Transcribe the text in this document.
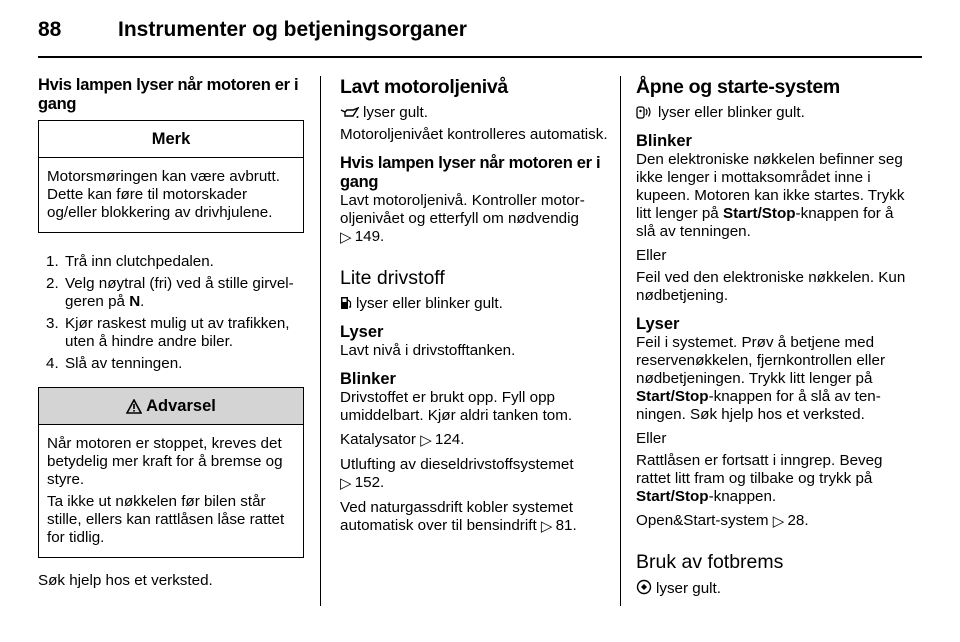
88	Instrumenter og betjeningsorganer
Hvis lampen lyser når motoren er i gang
Merk

Motorsmøringen kan være avbrutt. Dette kan føre til motorskader og/eller blokkering av drivhjulene.

1. Trå inn clutchpedalen.
2. Velg nøytral (fri) ved å stille girvelgeren på N.
3. Kjør raskest mulig ut av trafikken, uten å hindre andre biler.
4. Slå av tenningen.
Advarsel

Når motoren er stoppet, kreves det betydelig mer kraft for å bremse og styre.

Ta ikke ut nøkkelen før bilen står stille, ellers kan rattlåsen låse rattet for tidlig.

Søk hjelp hos et verksted.

Lavt motoroljenivå

lyser gult.

Motoroljenivået kontrolleres automatisk.

Hvis lampen lyser når motoren er i gang

Lavt motoroljenivå. Kontroller motoroljenivået og etterfyll om nødvendig

▷ 149.

Lite drivstoff

lyser eller blinker gult.

Lyser

Lavt nivå i drivstofftanken.

Blinker

Drivstoffet er brukt opp. Fyll opp umiddelbart. Kjør aldri tanken tom.

Katalysator ▷ 124.

Utlufting av dieseldrivstoffsystemet

▷ 152.

Ved naturgassdrift kobler systemet automatisk over til bensindrift ▷ 81.

Åpne og starte-system

lyser eller blinker gult.

Blinker

Den elektroniske nøkkelen befinner seg ikke lenger i mottaksområdet inne i kupeen. Motoren kan ikke startes. Trykk litt lenger på Start/Stop-knappen for å slå av tenningen.

Eller

Feil ved den elektroniske nøkkelen. Kun nødbetjening.

Lyser

Feil i systemet. Prøv å betjene med reservenøkkelen, fjernkontrollen eller nødbetjeningen. Trykk litt lenger på Start/Stop-knappen for å slå av tenningen. Søk hjelp hos et verksted.

Eller

Rattlåsen er fortsatt i inngrep. Beveg rattet litt fram og tilbake og trykk på Start/Stop-knappen.

Open&Start-system ▷ 28.

Bruk av fotbrems

lyser gult.
